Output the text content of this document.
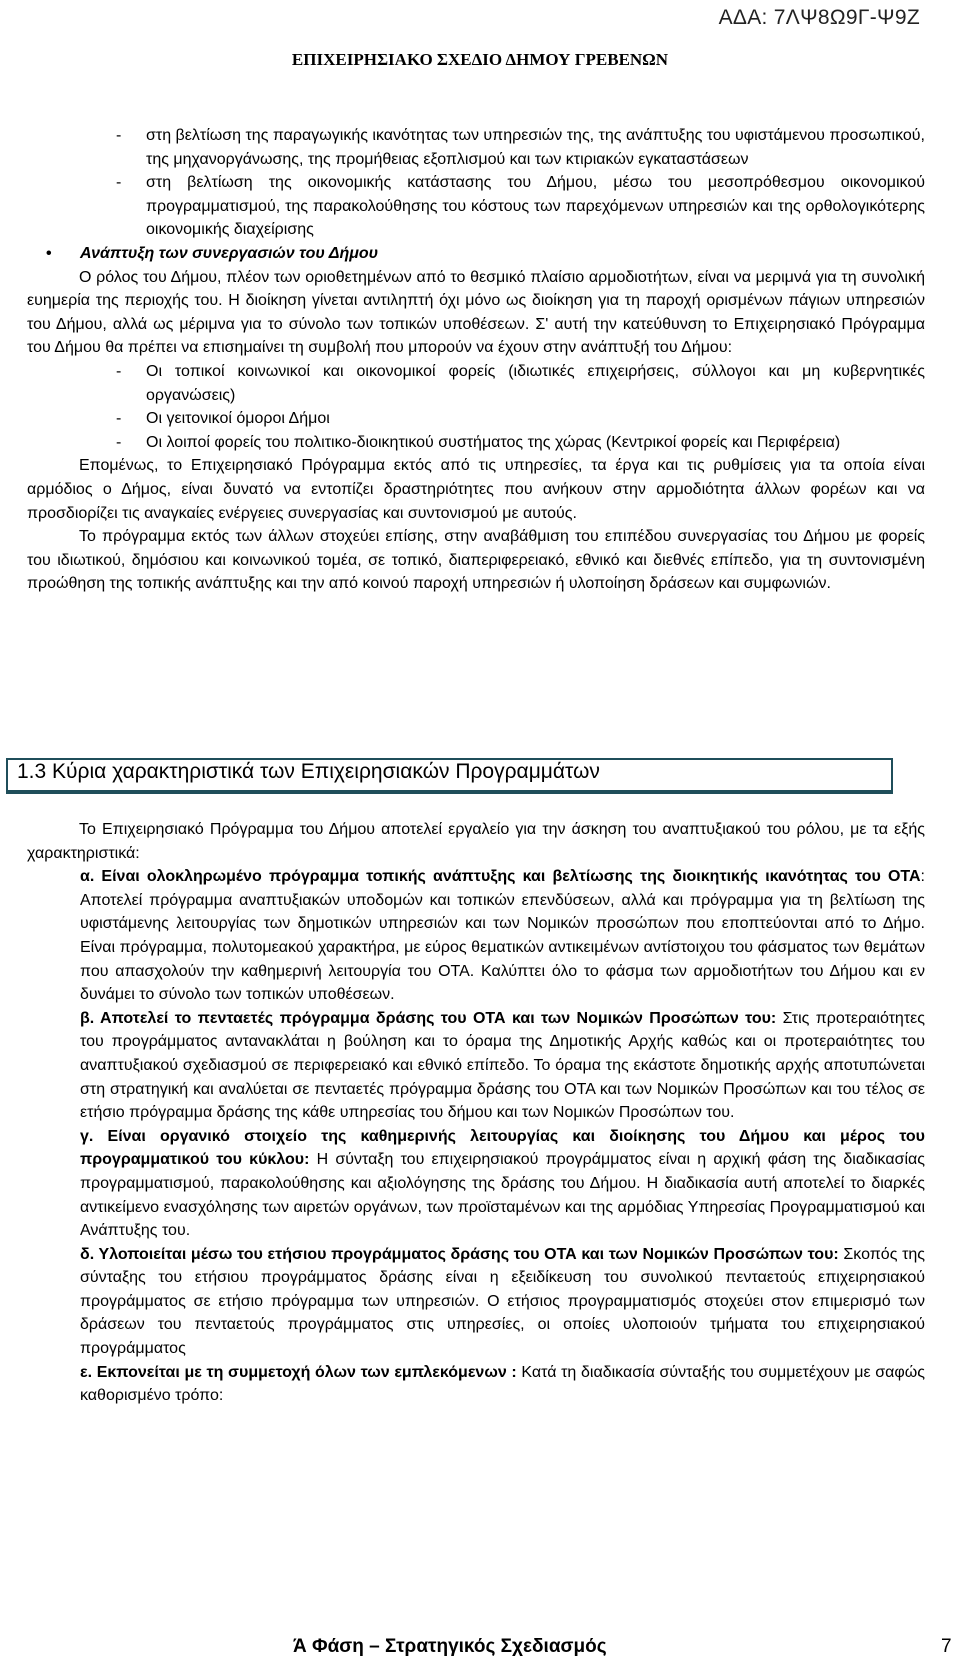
ΑΔΑ: 7ΛΨ8Ω9Γ-Ψ9Ζ
ΕΠΙΧΕΙΡΗΣΙΑΚΟ ΣΧΕΔΙΟ ΔΗΜΟΥ ΓΡΕΒΕΝΩΝ
- στη βελτίωση της παραγωγικής ικανότητας των υπηρεσιών της, της ανάπτυξης του υφιστάμενου προσωπικού, της μηχανοργάνωσης, της προμήθειας εξοπλισμού και των κτιριακών εγκαταστάσεων
- στη βελτίωση της οικονομικής κατάστασης του Δήμου, μέσω του μεσοπρόθεσμου οικονομικού προγραμματισμού, της παρακολούθησης του κόστους των παρεχόμενων υπηρεσιών και της ορθολογικότερης οικονομικής διαχείρισης
• Ανάπτυξη των συνεργασιών του Δήμου

Ο ρόλος του Δήμου, πλέον των οριοθετημένων από το θεσμικό πλαίσιο αρμοδιοτήτων, είναι να μεριμνά για τη συνολική ευημερία της περιοχής του. Η διοίκηση γίνεται αντιληπτή όχι μόνο ως διοίκηση για τη παροχή ορισμένων πάγιων υπηρεσιών του Δήμου, αλλά ως μέριμνα για το σύνολο των τοπικών υποθέσεων. Σ' αυτή την κατεύθυνση το Επιχειρησιακό Πρόγραμμα του Δήμου θα πρέπει να επισημαίνει τη συμβολή που μπορούν να έχουν στην ανάπτυξή του Δήμου:

- Οι τοπικοί κοινωνικοί και οικονομικοί φορείς (ιδιωτικές επιχειρήσεις, σύλλογοι και μη κυβερνητικές οργανώσεις)
- Οι γειτονικοί όμοροι Δήμοι
- Οι λοιποί φορείς του πολιτικο-διοικητικού συστήματος της χώρας (Κεντρικοί φορείς και Περιφέρεια)

Επομένως, το Επιχειρησιακό Πρόγραμμα εκτός από τις υπηρεσίες, τα έργα και τις ρυθμίσεις για τα οποία είναι αρμόδιος ο Δήμος, είναι δυνατό να εντοπίζει δραστηριότητες που ανήκουν στην αρμοδιότητα άλλων φορέων και να προσδιορίζει τις αναγκαίες ενέργειες συνεργασίας και συντονισμού με αυτούς.

Το πρόγραμμα εκτός των άλλων στοχεύει επίσης, στην αναβάθμιση του επιπέδου συνεργασίας του Δήμου με φορείς του ιδιωτικού, δημόσιου και κοινωνικού τομέα, σε τοπικό, διαπεριφερειακό, εθνικό και διεθνές επίπεδο, για τη συντονισμένη προώθηση της τοπικής ανάπτυξης και την από κοινού παροχή υπηρεσιών ή υλοποίηση δράσεων και συμφωνιών.

1.3 Κύρια χαρακτηριστικά των Επιχειρησιακών Προγραμμάτων

Το Επιχειρησιακό Πρόγραμμα του Δήμου αποτελεί εργαλείο για την άσκηση του αναπτυξιακού του ρόλου, με τα εξής χαρακτηριστικά:

α. Είναι ολοκληρωμένο πρόγραμμα τοπικής ανάπτυξης και βελτίωσης της διοικητικής ικανότητας του ΟΤΑ: Αποτελεί πρόγραμμα αναπτυξιακών υποδομών και τοπικών επενδύσεων, αλλά και πρόγραμμα για τη βελτίωση της υφιστάμενης λειτουργίας των δημοτικών υπηρεσιών και των Νομικών προσώπων που εποπτεύονται από το Δήμο. Είναι πρόγραμμα, πολυτομεακού χαρακτήρα, με εύρος θεματικών αντικειμένων αντίστοιχου του φάσματος των θεμάτων που απασχολούν την καθημερινή λειτουργία του ΟΤΑ. Καλύπτει όλο το φάσμα των αρμοδιοτήτων του Δήμου και εν δυνάμει το σύνολο των τοπικών υποθέσεων.
β. Αποτελεί το πενταετές πρόγραμμα δράσης του ΟΤΑ και των Νομικών Προσώπων του: Στις προτεραιότητες του προγράμματος αντανακλάται η βούληση και το όραμα της Δημοτικής Αρχής καθώς και οι προτεραιότητες του αναπτυξιακού σχεδιασμού σε περιφερειακό και εθνικό επίπεδο. Το όραμα της εκάστοτε δημοτικής αρχής αποτυπώνεται στη στρατηγική και αναλύεται σε πενταετές πρόγραμμα δράσης του ΟΤΑ και των Νομικών Προσώπων και του τέλος σε ετήσιο πρόγραμμα δράσης της κάθε υπηρεσίας του δήμου και των Νομικών Προσώπων του.
γ. Είναι οργανικό στοιχείο της καθημερινής λειτουργίας και διοίκησης του Δήμου και μέρος του προγραμματικού του κύκλου: Η σύνταξη του επιχειρησιακού προγράμματος είναι η αρχική φάση της διαδικασίας προγραμματισμού, παρακολούθησης και αξιολόγησης της δράσης του Δήμου. Η διαδικασία αυτή αποτελεί το διαρκές αντικείμενο ενασχόλησης των αιρετών οργάνων, των προϊσταμένων και της αρμόδιας Υπηρεσίας Προγραμματισμού και Ανάπτυξης του.
δ. Υλοποιείται μέσω του ετήσιου προγράμματος δράσης του ΟΤΑ και των Νομικών Προσώπων του: Σκοπός της σύνταξης του ετήσιου προγράμματος δράσης είναι η εξειδίκευση του συνολικού πενταετούς επιχειρησιακού προγράμματος σε ετήσιο πρόγραμμα των υπηρεσιών. Ο ετήσιος προγραμματισμός στοχεύει στον επιμερισμό των δράσεων του πενταετούς προγράμματος στις υπηρεσίες, οι οποίες υλοποιούν τμήματα του επιχειρησιακού προγράμματος
ε. Εκπονείται με τη συμμετοχή όλων των εμπλεκόμενων : Κατά τη διαδικασία σύνταξής του συμμετέχουν με σαφώς καθορισμένο τρόπο:
Ά Φάση – Στρατηγικός Σχεδιασμός	7
